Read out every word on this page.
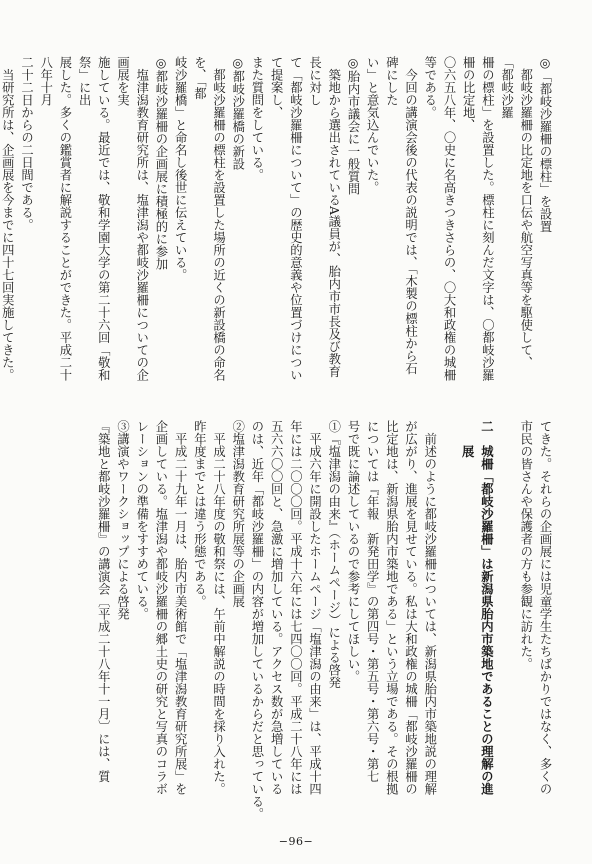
◎「都岐沙羅柵の標柱」を設置

　都岐沙羅柵の比定地を口伝や航空写真等を駆使して、「都岐沙羅

柵の標柱」を設置した。標柱に刻んだ文字は、〇都岐沙羅柵の比定地、

〇六五八年、〇史に名高きつきさらの、〇大和政権の城柵等である。

　今回の講演会後の代表の説明では、「木製の標柱から石碑にした

い」と意気込んでいた。

◎胎内市議会に一般質問

　築地から選出されているA議員が、胎内市市長及び教育長に対し

て「都岐沙羅柵について」の歴史的意義や位置づけについて提案し、

また質問をしている。

◎都岐沙羅橋の新設

　都岐沙羅柵の標柱を設置した場所の近くの新設橋の命名を、「都

岐沙羅橋」と命名し後世に伝えている。

◎都岐沙羅柵の企画展に積極的に参加

　塩津潟教育研究所は、塩津潟や都岐沙羅柵についての企画展を実

施している。最近では、敬和学園大学の第二十六回「敬和祭」に出

展した。多くの鑑賞者に解説することができた。平成二十八年十月

二十二日からの二日間である。

　当研究所は、企画展を今までに四十七回実施してきた。

てきた。それらの企画展には児童学生たちばかりではなく、多くの

市民の皆さんや保護者の方も参観に訪れた。

二　城柵「都岐沙羅柵」は新潟県胎内市築地であることの理解の進

　　展

　前述のように都岐沙羅柵については、新潟県胎内市築地説の理解

が広がり、進展を見せている。私は大和政権の城柵「都岐沙羅柵の

比定地は、新潟県胎内市築地である」という立場である。その根拠

については『年報　新発田学』の第四号・第五号・第六号・第七

号で既に論述しているので参考にしてほしい。

①『塩津潟の由来』（ホームページ）による啓発

　平成六年に開設したホームページ「塩津潟の由来」は、平成十四

年には二〇〇〇回。平成十六年には七四〇〇回。平成二十八年には

五六六〇〇回と、急激に増加している。アクセス数が急増している

のは、近年「都岐沙羅柵」の内容が増加しているからだと思っている。

②塩津潟教育研究所展等の企画展

　平成二十八年度の敬和祭には、午前中解説の時間を採り入れた。

昨年度までとは違う形態である。

　平成二十九年一月は、胎内市美術館で「塩津潟教育研究所展」を

企画している。塩津潟や都岐沙羅柵の郷土史の研究と写真のコラボ

レーションの準備をすすめている。

③講演やワークショップによる啓発

『築地と都岐沙羅柵』の講演会〔平成二十八年十一月〕には、質

−96−
